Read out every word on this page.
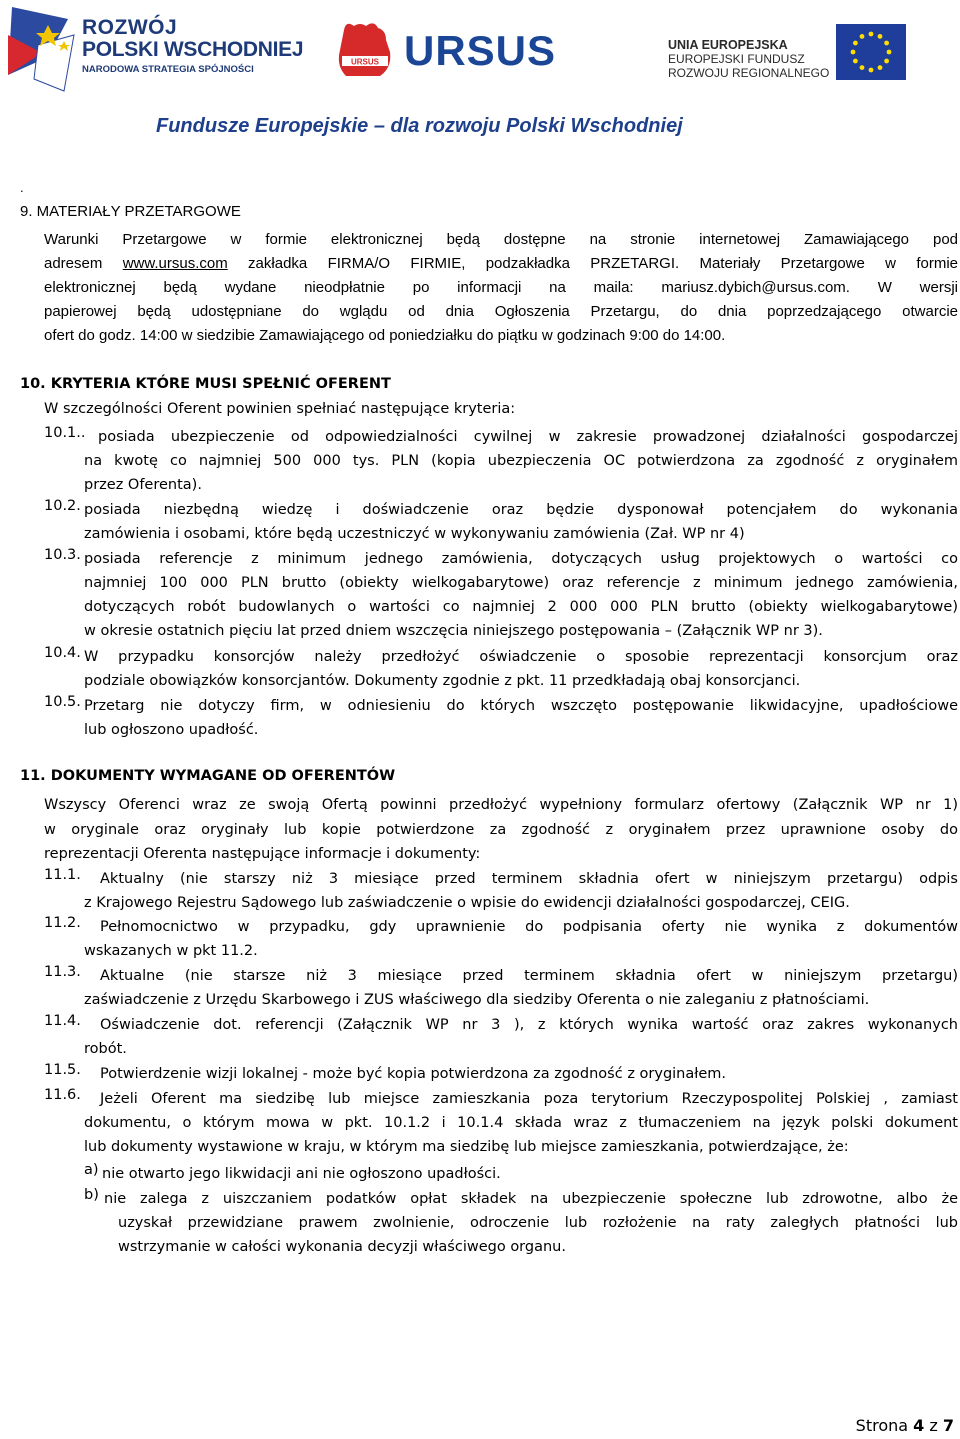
ROZWÓJ
POLSKI WSCHODNIEJ
NARODOWA STRATEGIA SPÓJNOŚCI
URSUS URSUS	UNIA EUROPEJSKA
EUROPEJSKI FUNDUSZ
ROZWOJU REGIONALNEGO
Fundusze Europejskie – dla rozwoju Polski Wschodniej
.
9. MATERIAŁY PRZETARGOWE
Warunki Przetargowe w formie elektronicznej będą dostępne na stronie internetowej Zamawiającego pod
adresem www.ursus.com zakładka FIRMA/O FIRMIE, podzakładka PRZETARGI. Materiały Przetargowe w formie
elektronicznej będą wydane nieodpłatnie po informacji na maila: mariusz.dybich@ursus.com. W wersji
papierowej będą udostępniane do wglądu od dnia Ogłoszenia Przetargu, do dnia poprzedzającego otwarcie
ofert do godz. 14:00 w siedzibie Zamawiającego od poniedziałku do piątku w godzinach 9:00 do 14:00.
10. KRYTERIA KTÓRE MUSI SPEŁNIĆ OFERENT
W szczególności Oferent powinien spełniać następujące kryteria:
10.1.. posiada ubezpieczenie od odpowiedzialności cywilnej w zakresie prowadzonej działalności gospodarczej
na kwotę co najmniej 500 000 tys. PLN (kopia ubezpieczenia OC potwierdzona za zgodność z oryginałem
przez Oferenta).
10.2. posiada niezbędną wiedzę i doświadczenie oraz będzie dysponował potencjałem do wykonania
zamówienia i osobami, które będą uczestniczyć w wykonywaniu zamówienia (Zał. WP nr 4)
10.3. posiada referencje z minimum jednego zamówienia, dotyczących usług projektowych o wartości co
najmniej 100 000 PLN brutto (obiekty wielkogabarytowe) oraz referencje z minimum jednego zamówienia,
dotyczących robót budowlanych o wartości co najmniej 2 000 000 PLN brutto (obiekty wielkogabarytowe)
w okresie ostatnich pięciu lat przed dniem wszczęcia niniejszego postępowania – (Załącznik WP nr 3).
10.4. W przypadku konsorcjów należy przedłożyć oświadczenie o sposobie reprezentacji konsorcjum oraz
podziale obowiązków konsorcjantów. Dokumenty zgodnie z pkt. 11 przedkładają obaj konsorcjanci.
10.5. Przetarg nie dotyczy firm, w odniesieniu do których wszczęto postępowanie likwidacyjne, upadłościowe
lub ogłoszono upadłość.
11. DOKUMENTY WYMAGANE OD OFERENTÓW
Wszyscy Oferenci wraz ze swoją Ofertą powinni przedłożyć wypełniony formularz ofertowy (Załącznik WP nr 1)
w oryginale oraz oryginały lub kopie potwierdzone za zgodność z oryginałem przez uprawnione osoby do
reprezentacji Oferenta następujące informacje i dokumenty:
11.1. Aktualny (nie starszy niż 3 miesiące przed terminem składnia ofert w niniejszym przetargu) odpis
z Krajowego Rejestru Sądowego lub zaświadczenie o wpisie do ewidencji działalności gospodarczej, CEIG.
11.2. Pełnomocnictwo w przypadku, gdy uprawnienie do podpisania oferty nie wynika z dokumentów
wskazanych w pkt 11.2.
11.3. Aktualne (nie starsze niż 3 miesiące przed terminem składnia ofert w niniejszym przetargu)
zaświadczenie z Urzędu Skarbowego i ZUS właściwego dla siedziby Oferenta o nie zaleganiu z płatnościami.
11.4. Oświadczenie dot. referencji (Załącznik WP nr 3 ), z których wynika wartość oraz zakres wykonanych
robót.
11.5. Potwierdzenie wizji lokalnej - może być kopia potwierdzona za zgodność z oryginałem.
11.6. Jeżeli Oferent ma siedzibę lub miejsce zamieszkania poza terytorium Rzeczypospolitej Polskiej , zamiast
dokumentu, o którym mowa w pkt. 10.1.2 i 10.1.4 składa wraz z tłumaczeniem na język polski dokument
lub dokumenty wystawione w kraju, w którym ma siedzibę lub miejsce zamieszkania, potwierdzające, że:
a) nie otwarto jego likwidacji ani nie ogłoszono upadłości.
b) nie zalega z uiszczaniem podatków opłat składek na ubezpieczenie społeczne lub zdrowotne, albo że
uzyskał przewidziane prawem zwolnienie, odroczenie lub rozłożenie na raty zaległych płatności lub
wstrzymanie w całości wykonania decyzji właściwego organu.
Strona 4 z 7
